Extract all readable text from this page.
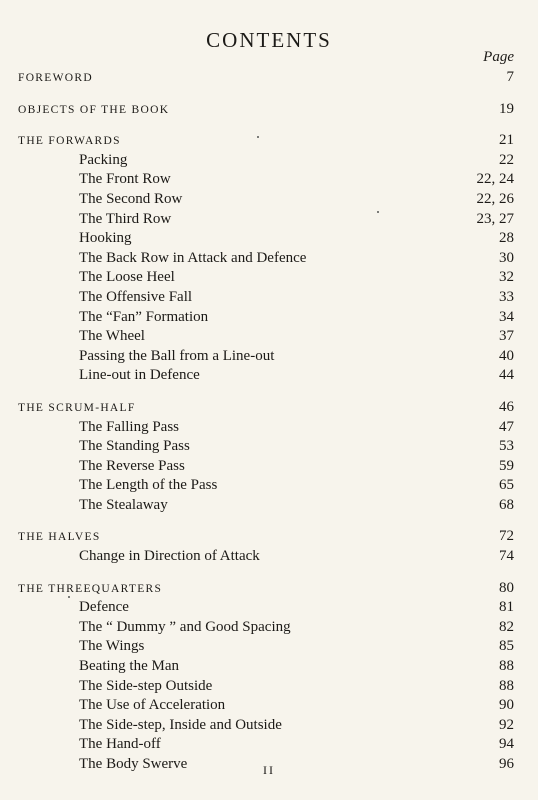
CONTENTS
Page
FOREWORD	7
OBJECTS OF THE BOOK	19
THE FORWARDS	21
Packing	22
The Front Row	22, 24
The Second Row	22, 26
The Third Row	23, 27
Hooking	28
The Back Row in Attack and Defence	30
The Loose Heel	32
The Offensive Fall	33
The “Fan” Formation	34
The Wheel	37
Passing the Ball from a Line-out	40
Line-out in Defence	44
THE SCRUM-HALF	46
The Falling Pass	47
The Standing Pass	53
The Reverse Pass	59
The Length of the Pass	65
The Stealaway	68
THE HALVES	72
Change in Direction of Attack	74
THE THREEQUARTERS	80
Defence	81
The “ Dummy ” and Good Spacing	82
The Wings	85
Beating the Man	88
The Side-step Outside	88
The Use of Acceleration	90
The Side-step, Inside and Outside	92
The Hand-off	94
The Body Swerve	96
II
